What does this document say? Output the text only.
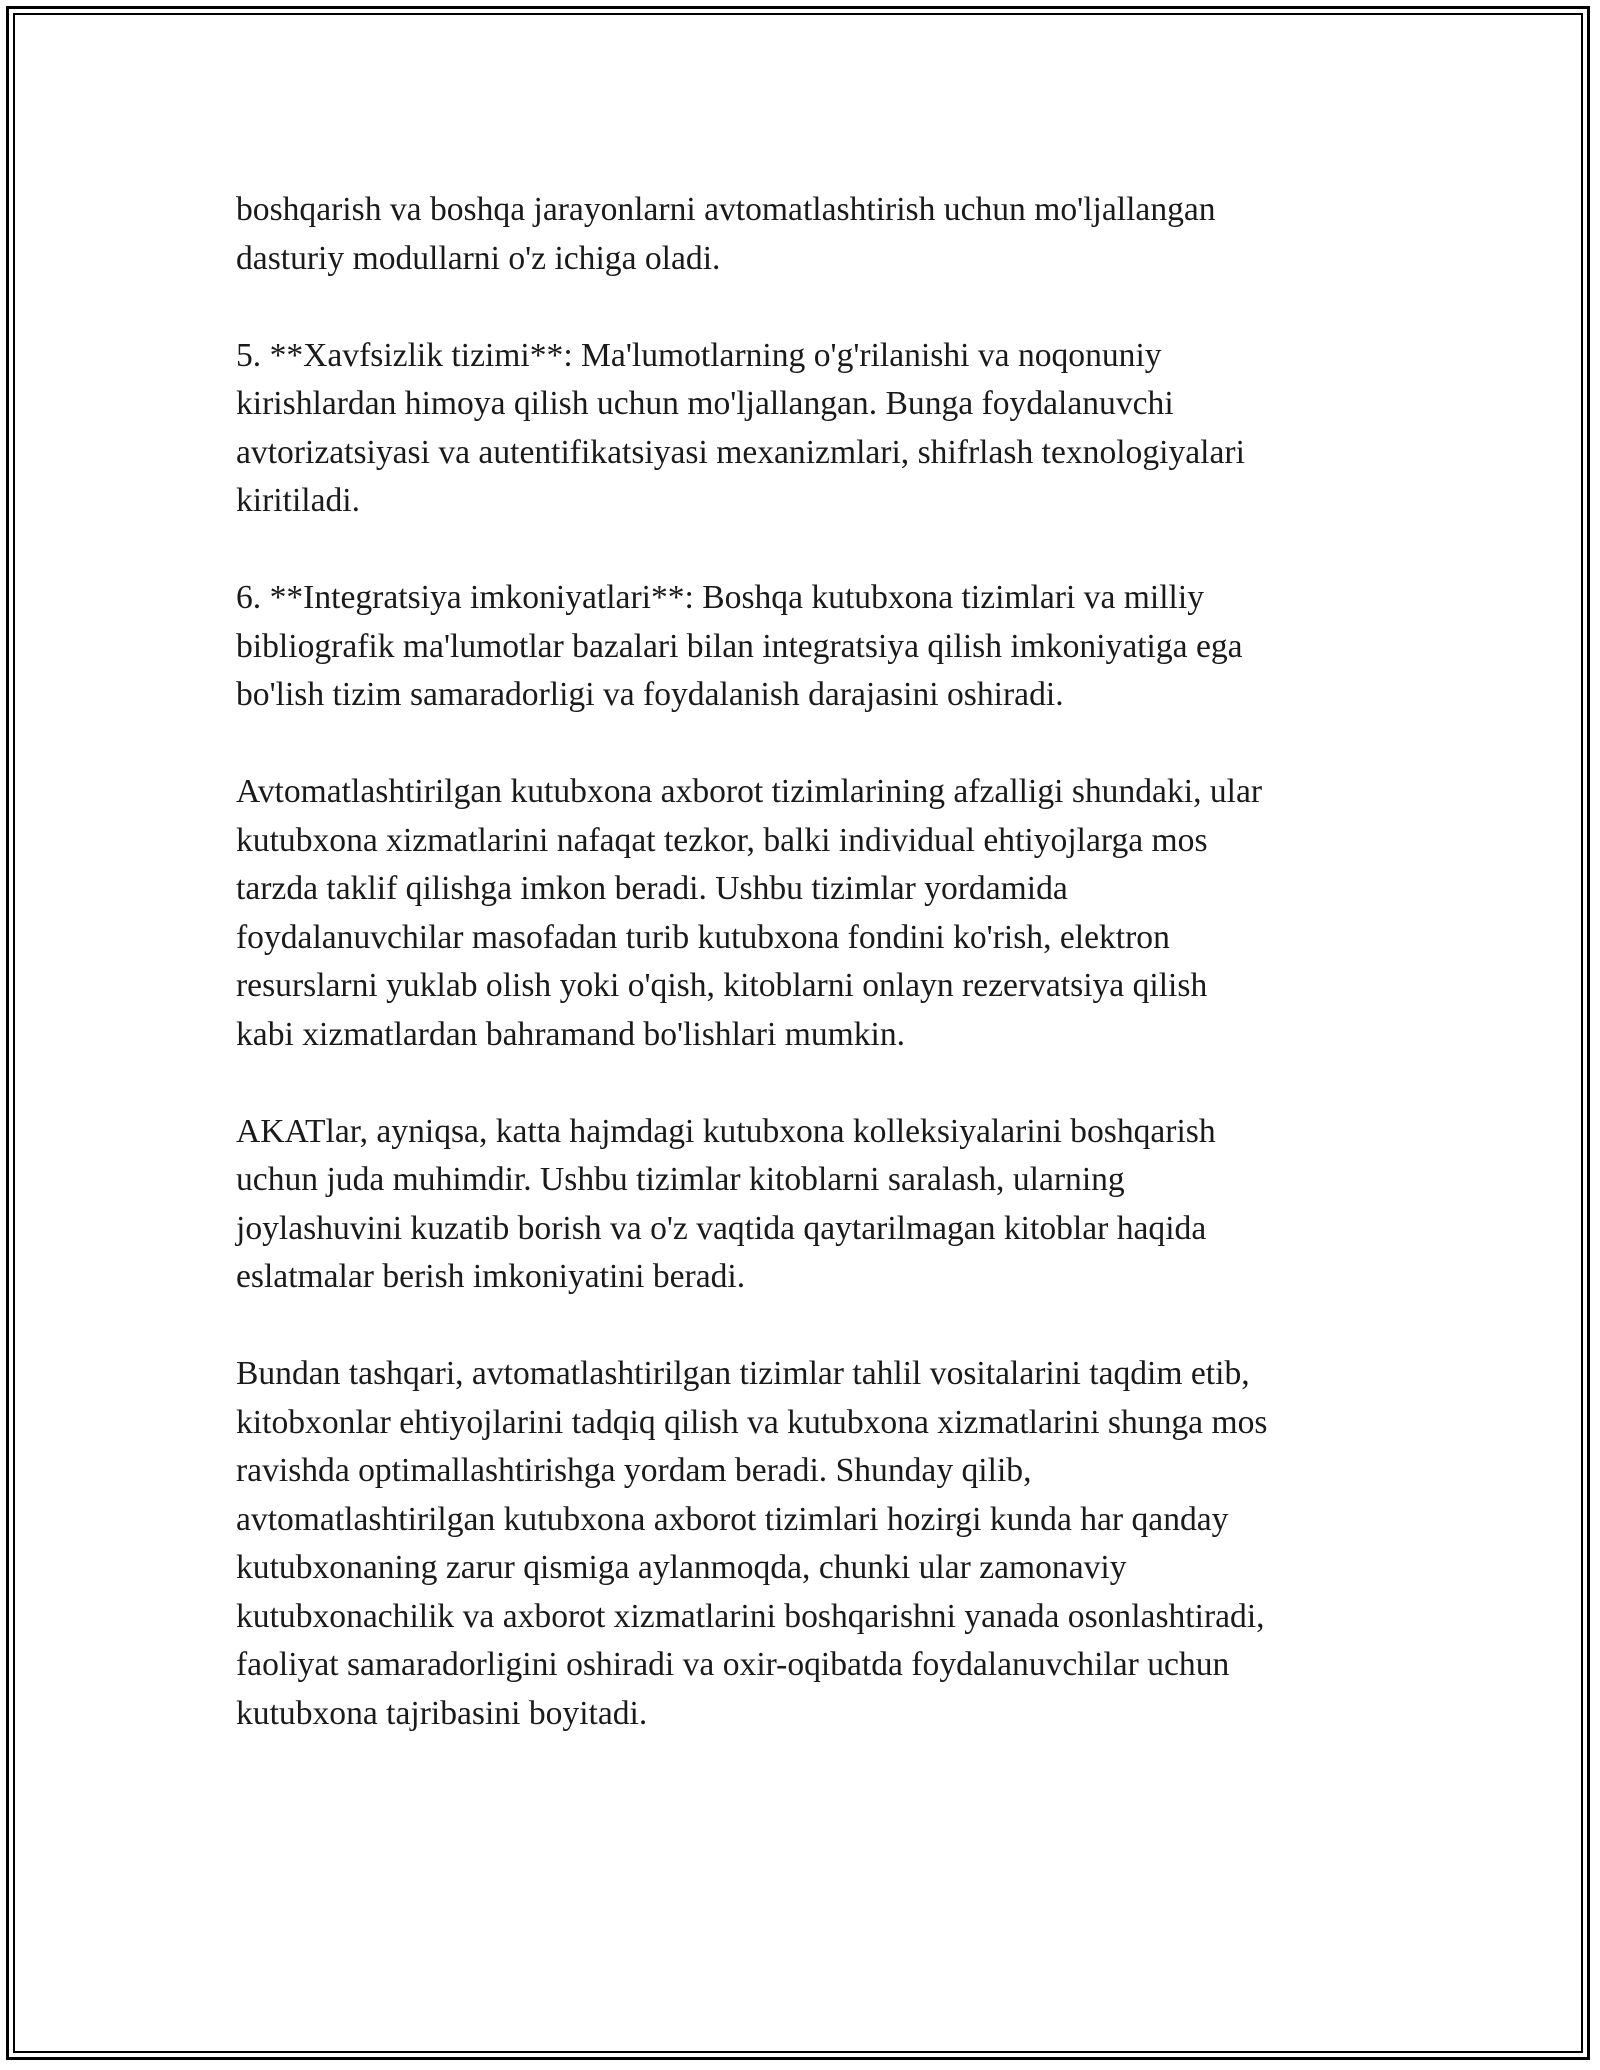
boshqarish va boshqa jarayonlarni avtomatlashtirish uchun mo'ljallangan
dasturiy modullarni o'z ichiga oladi.
5. **Xavfsizlik tizimi**: Ma'lumotlarning o'g'rilanishi va noqonuniy
kirishlardan himoya qilish uchun mo'ljallangan. Bunga foydalanuvchi
avtorizatsiyasi va autentifikatsiyasi mexanizmlari, shifrlash texnologiyalari
kiritiladi.
6. **Integratsiya imkoniyatlari**: Boshqa kutubxona tizimlari va milliy
bibliografik ma'lumotlar bazalari bilan integratsiya qilish imkoniyatiga ega
bo'lish tizim samaradorligi va foydalanish darajasini oshiradi.
Avtomatlashtirilgan kutubxona axborot tizimlarining afzalligi shundaki, ular
kutubxona xizmatlarini nafaqat tezkor, balki individual ehtiyojlarga mos
tarzda taklif qilishga imkon beradi. Ushbu tizimlar yordamida
foydalanuvchilar masofadan turib kutubxona fondini ko'rish, elektron
resurslarni yuklab olish yoki o'qish, kitoblarni onlayn rezervatsiya qilish
kabi xizmatlardan bahramand bo'lishlari mumkin.
AKATlar, ayniqsa, katta hajmdagi kutubxona kolleksiyalarini boshqarish
uchun juda muhimdir. Ushbu tizimlar kitoblarni saralash, ularning
joylashuvini kuzatib borish va o'z vaqtida qaytarilmagan kitoblar haqida
eslatmalar berish imkoniyatini beradi.
Bundan tashqari, avtomatlashtirilgan tizimlar tahlil vositalarini taqdim etib,
kitobxonlar ehtiyojlarini tadqiq qilish va kutubxona xizmatlarini shunga mos
ravishda optimallashtirishga yordam beradi. Shunday qilib,
avtomatlashtirilgan kutubxona axborot tizimlari hozirgi kunda har qanday
kutubxonaning zarur qismiga aylanmoqda, chunki ular zamonaviy
kutubxonachilik va axborot xizmatlarini boshqarishni yanada osonlashtiradi,
faoliyat samaradorligini oshiradi va oxir-oqibatda foydalanuvchilar uchun
kutubxona tajribasini boyitadi.
